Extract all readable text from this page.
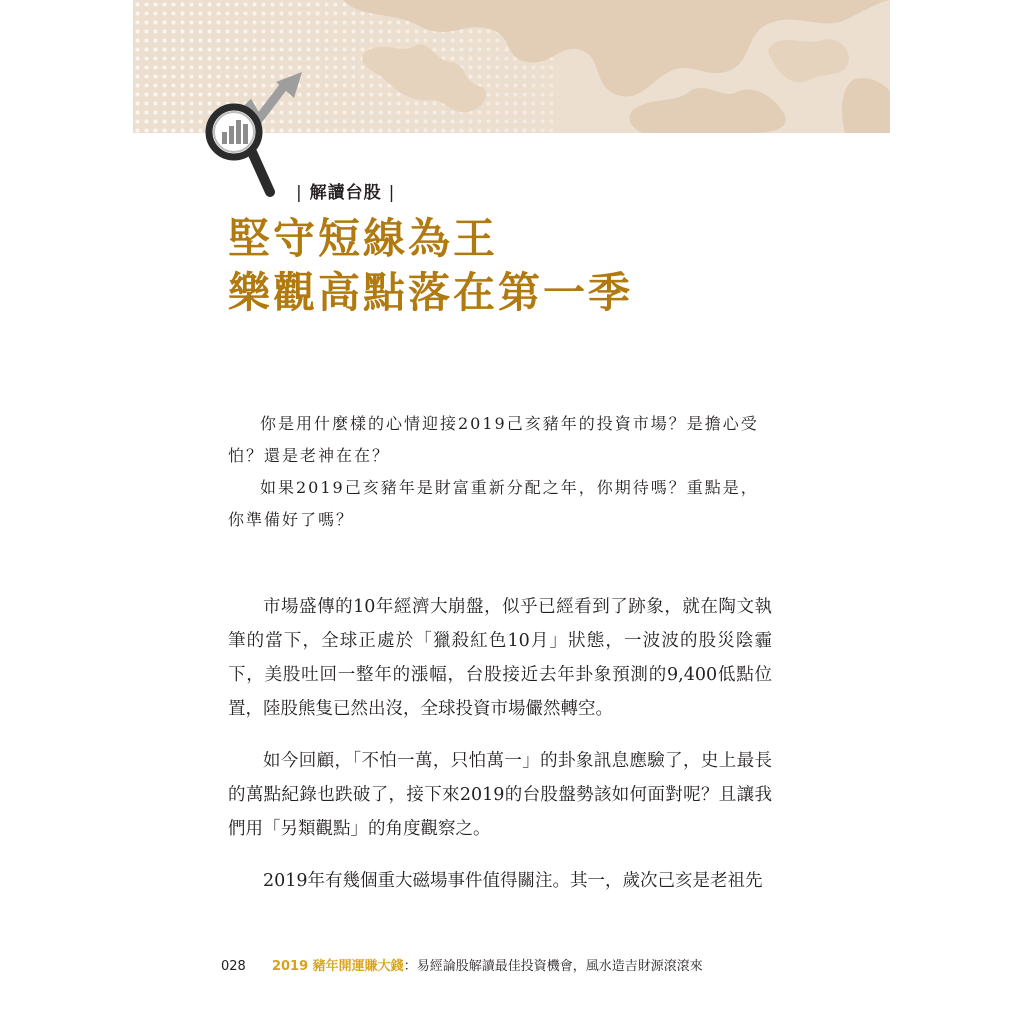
| 解讀台股 |
堅守短線為王
樂觀高點落在第一季

你是用什麼樣的心情迎接2019己亥豬年的投資市場？是擔心受怕？還是老神在在？

如果2019己亥豬年是財富重新分配之年，你期待嗎？重點是，你準備好了嗎？

市場盛傳的10年經濟大崩盤，似乎已經看到了跡象，就在陶文執筆的當下，全球正處於「獵殺紅色10月」狀態，一波波的股災陰霾下，美股吐回一整年的漲幅，台股接近去年卦象預測的9,400低點位置，陸股熊隻已然出沒，全球投資市場儼然轉空。

如今回顧，「不怕一萬，只怕萬一」的卦象訊息應驗了，史上最長的萬點紀錄也跌破了，接下來2019的台股盤勢該如何面對呢？且讓我們用「另類觀點」的角度觀察之。

2019年有幾個重大磁場事件值得關注。其一，歲次己亥是老祖先

028 2019 豬年開運賺大錢：易經論股解讀最佳投資機會，風水造吉財源滾滾來
